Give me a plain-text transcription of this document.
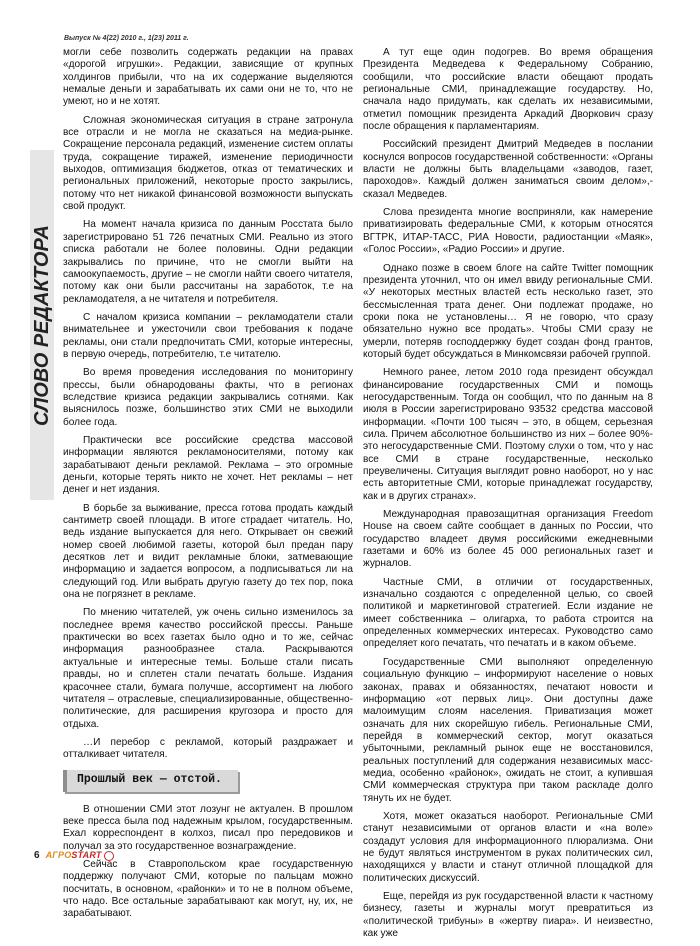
Выпуск № 4(22) 2010 г., 1(23) 2011 г.
СЛОВО РЕДАКТОРА

могли себе позволить содержать редакции на правах «дорогой игрушки». Редакции, зависящие от крупных холдингов прибыли, что на их содержание выделяются немалые деньги и зарабатывать их сами они не то, что не умеют, но и не хотят.

Сложная экономическая ситуация в стране затронула все отрасли и не могла не сказаться на медиа-рынке. Сокращение персонала редакций, изменение систем оплаты труда, сокращение тиражей, изменение периодичности выходов, оптимизация бюджетов, отказ от тематических и региональных приложений, некоторые просто закрылись, потому что нет никакой финансовой возможности выпускать свой продукт.

На момент начала кризиса по данным Росстата было зарегистрировано 51 726 печатных СМИ. Реально из этого списка работали не более половины. Одни редакции закрывались по причине, что не смогли выйти на самоокупаемость, другие – не смогли найти своего читателя, потому как они были рассчитаны на заработок, т.е на рекламодателя, а не читателя и потребителя.

С началом кризиса компании – рекламодатели стали внимательнее и ужесточили свои требования к подаче рекламы, они стали предпочитать СМИ, которые интересны, в первую очередь, потребителю, т.е читателю.

Во время проведения исследования по мониторингу прессы, были обнародованы факты, что в регионах вследствие кризиса редакции закрывались сотнями. Как выяснилось позже, большинство этих СМИ не выходили более года.

Практически все российские средства массовой информации являются рекламоносителями, потому как зарабатывают деньги рекламой. Реклама – это огромные деньги, которые терять никто не хочет. Нет рекламы – нет денег и нет издания.

В борьбе за выживание, пресса готова продать каждый сантиметр своей площади. В итоге страдает читатель. Но, ведь издание выпускается для него. Открывает он свежий номер своей любимой газеты, которой был предан пару десятков лет и видит рекламные блоки, затмевающие информацию и задается вопросом, а подписываться ли на следующий год. Или выбрать другую газету до тех пор, пока она не погрязнет в рекламе.

По мнению читателей, уж очень сильно изменилось за последнее время качество российской прессы. Раньше практически во всех газетах было одно и то же, сейчас информация разнообразнее стала. Раскрываются актуальные и интересные темы. Больше стали писать правды, но и сплетен стали печатать больше. Издания красочнее стали, бумага получше, ассортимент на любого читателя – отраслевые, специализированные, общественно-политические, для расширения кругозора и просто для отдыха.

…И перебор с рекламой, который раздражает и отталкивает читателя.

Прошлый век — отстой.

В отношении СМИ этот лозунг не актуален. В прошлом веке пресса была под надежным крылом, государственным. Ехал корреспондент в колхоз, писал про передовиков и получал за это государственное вознаграждение.

Сейчас в Ставропольском крае государственную поддержку получают СМИ, которые по пальцам можно посчитать, в основном, «районки» и то не в полном объеме, что надо. Все остальные зарабатывают как могут, ну, их, не зарабатывают.

А тут еще один подогрев. Во время обращения Президента Медведева к Федеральному Собранию, сообщили, что российские власти обещают продать региональные СМИ, принадлежащие государству. Но, сначала надо придумать, как сделать их независимыми, отметил помощник президента Аркадий Дворкович сразу после обращения к парламентариям.

Российский президент Дмитрий Медведев в послании коснулся вопросов государственной собственности: «Органы власти не должны быть владельцами «заводов, газет, пароходов». Каждый должен заниматься своим делом»,- сказал Медведев.

Слова президента многие восприняли, как намерение приватизировать федеральные СМИ, к которым относятся ВГТРК, ИТАР-ТАСС, РИА Новости, радиостанции «Маяк», «Голос России», «Радио России» и другие.

Однако позже в своем блоге на сайте Twitter помощник президента уточнил, что он имел ввиду региональные СМИ. «У некоторых местных властей есть несколько газет, это бессмысленная трата денег. Они подлежат продаже, но сроки пока не установлены… Я не говорю, что сразу обязательно нужно все продать». Чтобы СМИ сразу не умерли, потеряв господдержку будет создан фонд грантов, который будет обсуждаться в Минкомсвязи рабочей группой.

Немного ранее, летом 2010 года президент обсуждал финансирование государственных СМИ и помощь негосударственным. Тогда он сообщил, что по данным на 8 июля в России зарегистрировано 93532 средства массовой информации. «Почти 100 тысяч – это, в общем, серьезная сила. Причем абсолютное большинство из них – более 90%- это негосударственные СМИ. Поэтому слухи о том, что у нас все СМИ в стране государственные, несколько преувеличены. Ситуация выглядит ровно наоборот, но у нас есть авторитетные СМИ, которые принадлежат государству, как и в других странах».

Международная правозащитная организация Freedom House на своем сайте сообщает в данных по России, что государство владеет двумя российскими ежедневными газетами и 60% из более 45 000 региональных газет и журналов.

Частные СМИ, в отличии от государственных, изначально создаются с определенной целью, со своей политикой и маркетинговой стратегией. Если издание не имеет собственника – олигарха, то работа строится на определенных коммерческих интересах. Руководство само определяет кого печатать, что печатать и в каком объеме.

Государственные СМИ выполняют определенную социальную функцию – информируют население о новых законах, правах и обязанностях, печатают новости и информацию «от первых лиц». Они доступны даже малоимущим слоям населения. Приватизация может означать для них скорейшую гибель. Региональные СМИ, перейдя в коммерческий сектор, могут оказаться убыточными, рекламный рынок еще не восстановился, реальных поступлений для содержания независимых масс-медиа, особенно «районок», ожидать не стоит, а купившая СМИ коммерческая структура при таком раскладе долго тянуть их не будет.

Хотя, может оказаться наоборот. Региональные СМИ станут независимыми от органов власти и «на воле» создадут условия для информационного плюрализма. Они не будут являться инструментом в руках политических сил, находящихся у власти и станут отличной площадкой для политических дискуссий.

Еще, перейдя из рук государственной власти к частному бизнесу, газеты и журналы могут превратиться из «политической трибуны» в «жертву пиара». И неизвестно, как уже

6 АГРОSTART
